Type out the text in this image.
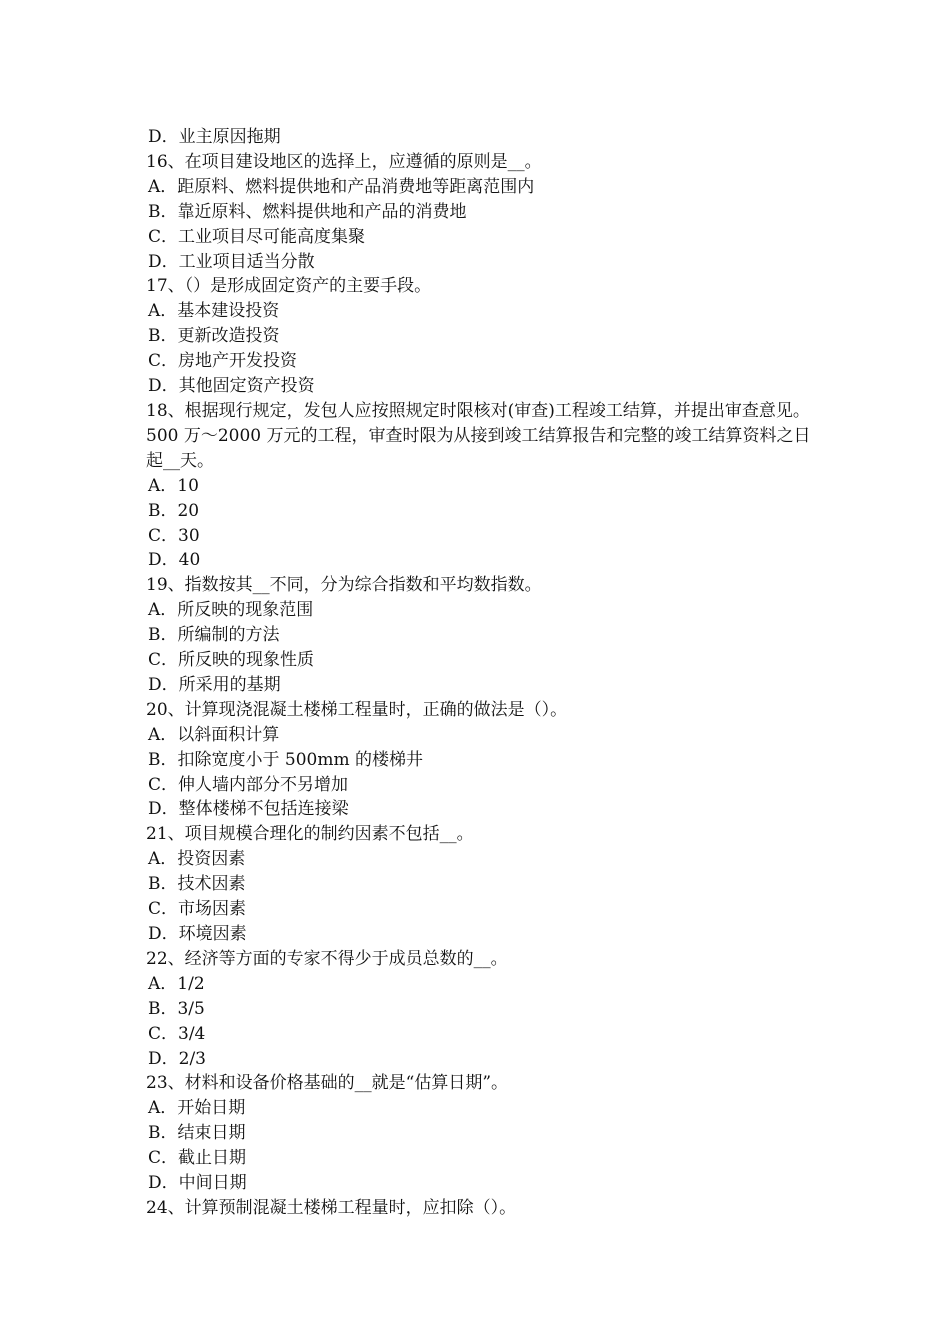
D．业主原因拖期

16、在项目建设地区的选择上，应遵循的原则是__。

A．距原料、燃料提供地和产品消费地等距离范围内

B．靠近原料、燃料提供地和产品的消费地

C．工业项目尽可能高度集聚

D．工业项目适当分散

17、（）是形成固定资产的主要手段。

A．基本建设投资

B．更新改造投资

C．房地产开发投资

D．其他固定资产投资

18、根据现行规定，发包人应按照规定时限核对(审查)工程竣工结算，并提出审查意见。500 万～2000 万元的工程，审查时限为从接到竣工结算报告和完整的竣工结算资料之日起__天。

A．10

B．20

C．30

D．40

19、指数按其__不同，分为综合指数和平均数指数。

A．所反映的现象范围

B．所编制的方法

C．所反映的现象性质

D．所采用的基期

20、计算现浇混凝土楼梯工程量时，正确的做法是（）。

A．以斜面积计算

B．扣除宽度小于 500mm 的楼梯井

C．伸人墙内部分不另增加

D．整体楼梯不包括连接梁

21、项目规模合理化的制约因素不包括__。

A．投资因素

B．技术因素

C．市场因素

D．环境因素

22、经济等方面的专家不得少于成员总数的__。

A．1/2

B．3/5

C．3/4

D．2/3

23、材料和设备价格基础的__就是“估算日期”。

A．开始日期

B．结束日期

C．截止日期

D．中间日期

24、计算预制混凝土楼梯工程量时，应扣除（）。
